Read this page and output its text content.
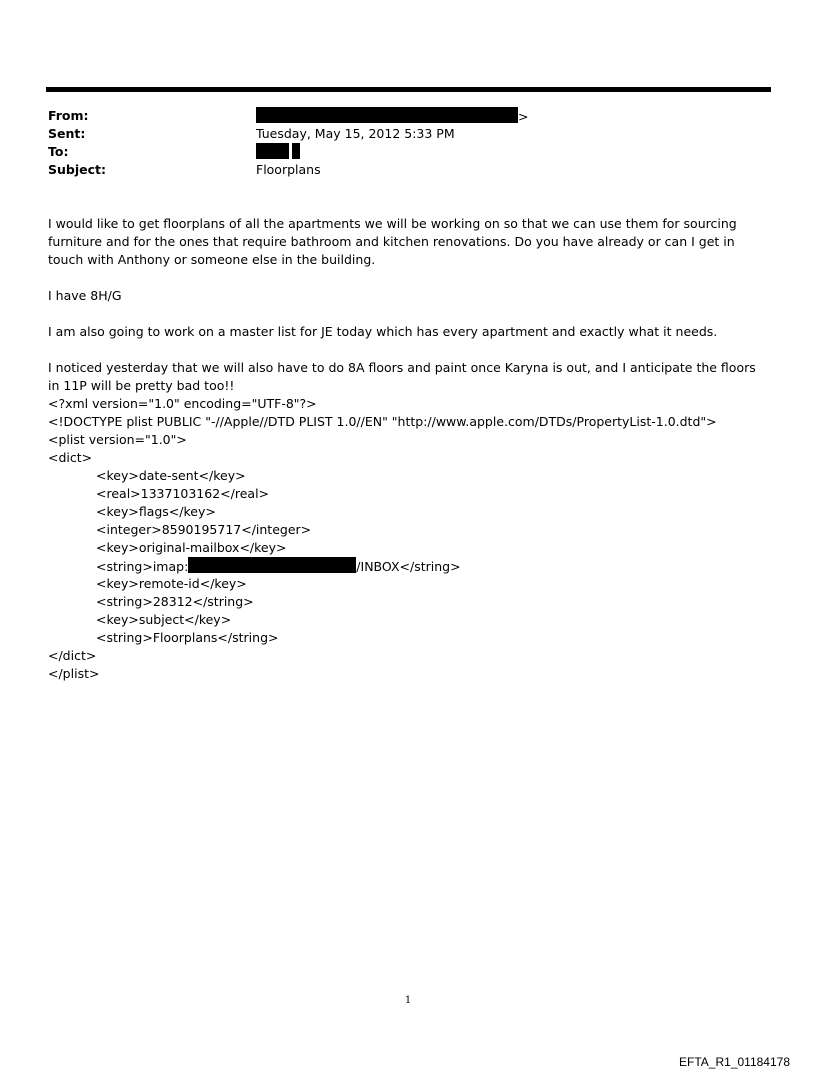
From:	>
Sent:	Tuesday, May 15, 2012 5:33 PM
To:
Subject:	Floorplans

I would like to get floorplans of all the apartments we will be working on so that we can use them for sourcing furniture and for the ones that require bathroom and kitchen renovations. Do you have already or can I get in touch with Anthony or someone else in the building.

I have 8H/G

I am also going to work on a master list for JE today which has every apartment and exactly what it needs.

I noticed yesterday that we will also have to do 8A floors and paint once Karyna is out, and I anticipate the floors in 11P will be pretty bad too!!

<?xml version="1.0" encoding="UTF-8"?>

<!DOCTYPE plist PUBLIC "-//Apple//DTD PLIST 1.0//EN" "http://www.apple.com/DTDs/PropertyList-1.0.dtd">

<plist version="1.0">

<dict>

<key>date-sent</key>

<real>1337103162</real>

<key>flags</key>

<integer>8590195717</integer>

<key>original-mailbox</key>

<string>imap:	/INBOX</string>

<key>remote-id</key>

<string>28312</string>

<key>subject</key>

<string>Floorplans</string>

</dict>

</plist>

1
EFTA_R1_01184178
